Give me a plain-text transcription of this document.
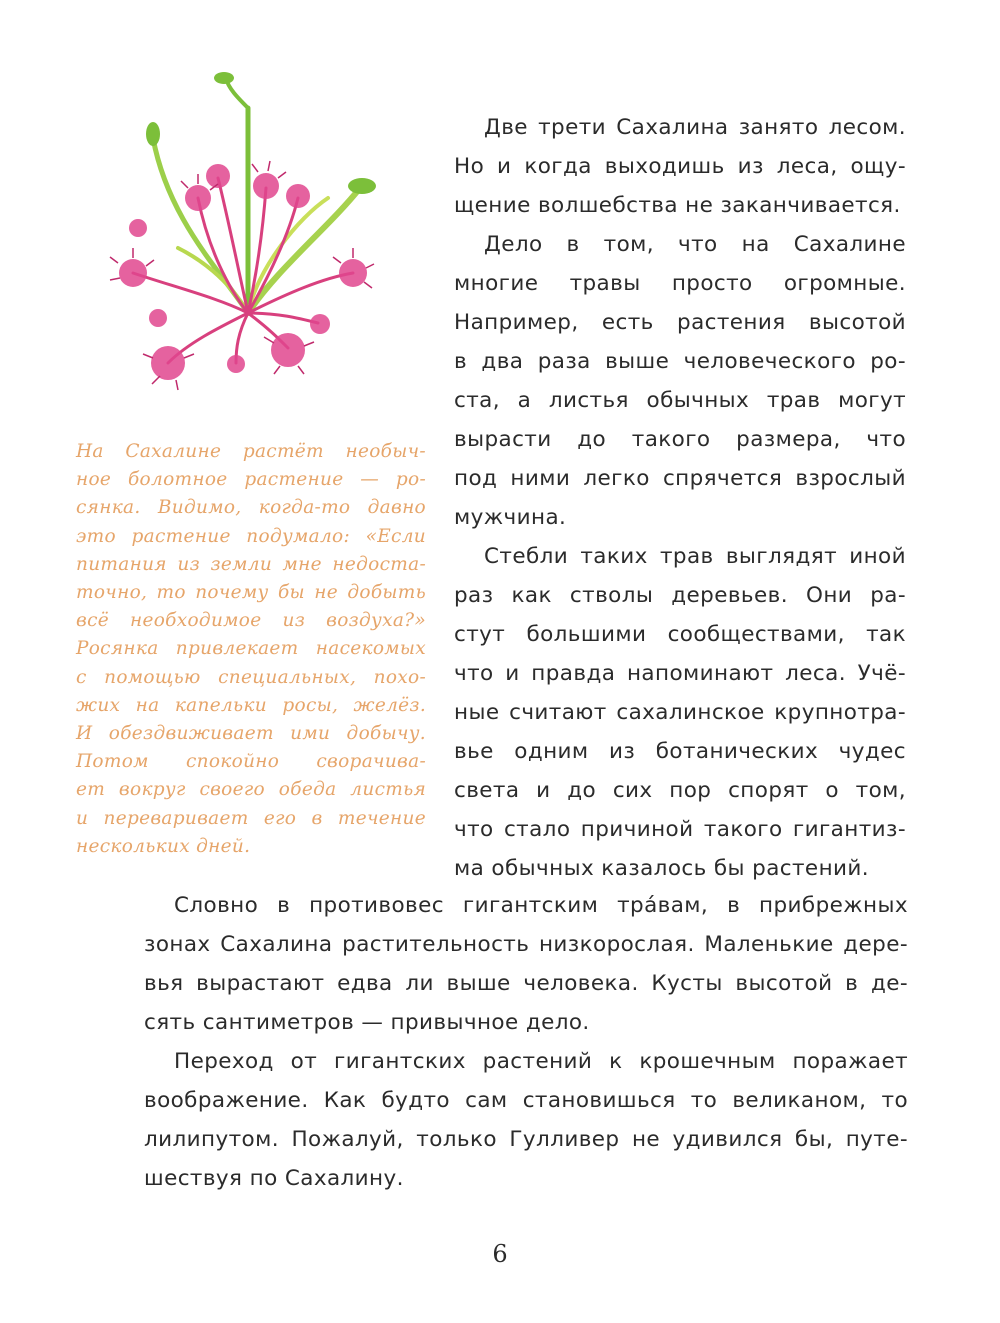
На Сахалине растёт необыч-
ное болотное растение — ро-
сянка. Видимо, когда-то давно
это растение подумало: «Если
питания из земли мне недоста-
точно, то почему бы не добыть
всё необходимое из воздуха?»
Росянка привлекает насекомых
с помощью специальных, похо-
жих на капельки росы, желёз.
И обездвиживает ими добычу.
Потом спокойно сворачива-
ет вокруг своего обеда листья
и переваривает его в течение
нескольких дней.
Две трети Сахалина занято лесом.
Но и когда выходишь из леса, ощу-
щение волшебства не заканчивается.
Дело в том, что на Сахалине
многие травы просто огромные.
Например, есть растения высотой
в два раза выше человеческого ро-
ста, а листья обычных трав могут
вырасти до такого размера, что
под ними легко спрячется взрослый
мужчина.
Стебли таких трав выглядят иной
раз как стволы деревьев. Они ра-
стут большими сообществами, так
что и правда напоминают леса. Учё-
ные считают сахалинское крупнотра-
вье одним из ботанических чудес
света и до сих пор спорят о том,
что стало причиной такого гигантиз-
ма обычных казалось бы растений.
Словно в противовес гигантским тра́вам, в прибрежных
зонах Сахалина растительность низкорослая. Маленькие дере-
вья вырастают едва ли выше человека. Кусты высотой в де-
сять сантиметров — привычное дело.
Переход от гигантских растений к крошечным поражает
воображение. Как будто сам становишься то великаном, то
лилипутом. Пожалуй, только Гулливер не удивился бы, путе-
шествуя по Сахалину.
6
